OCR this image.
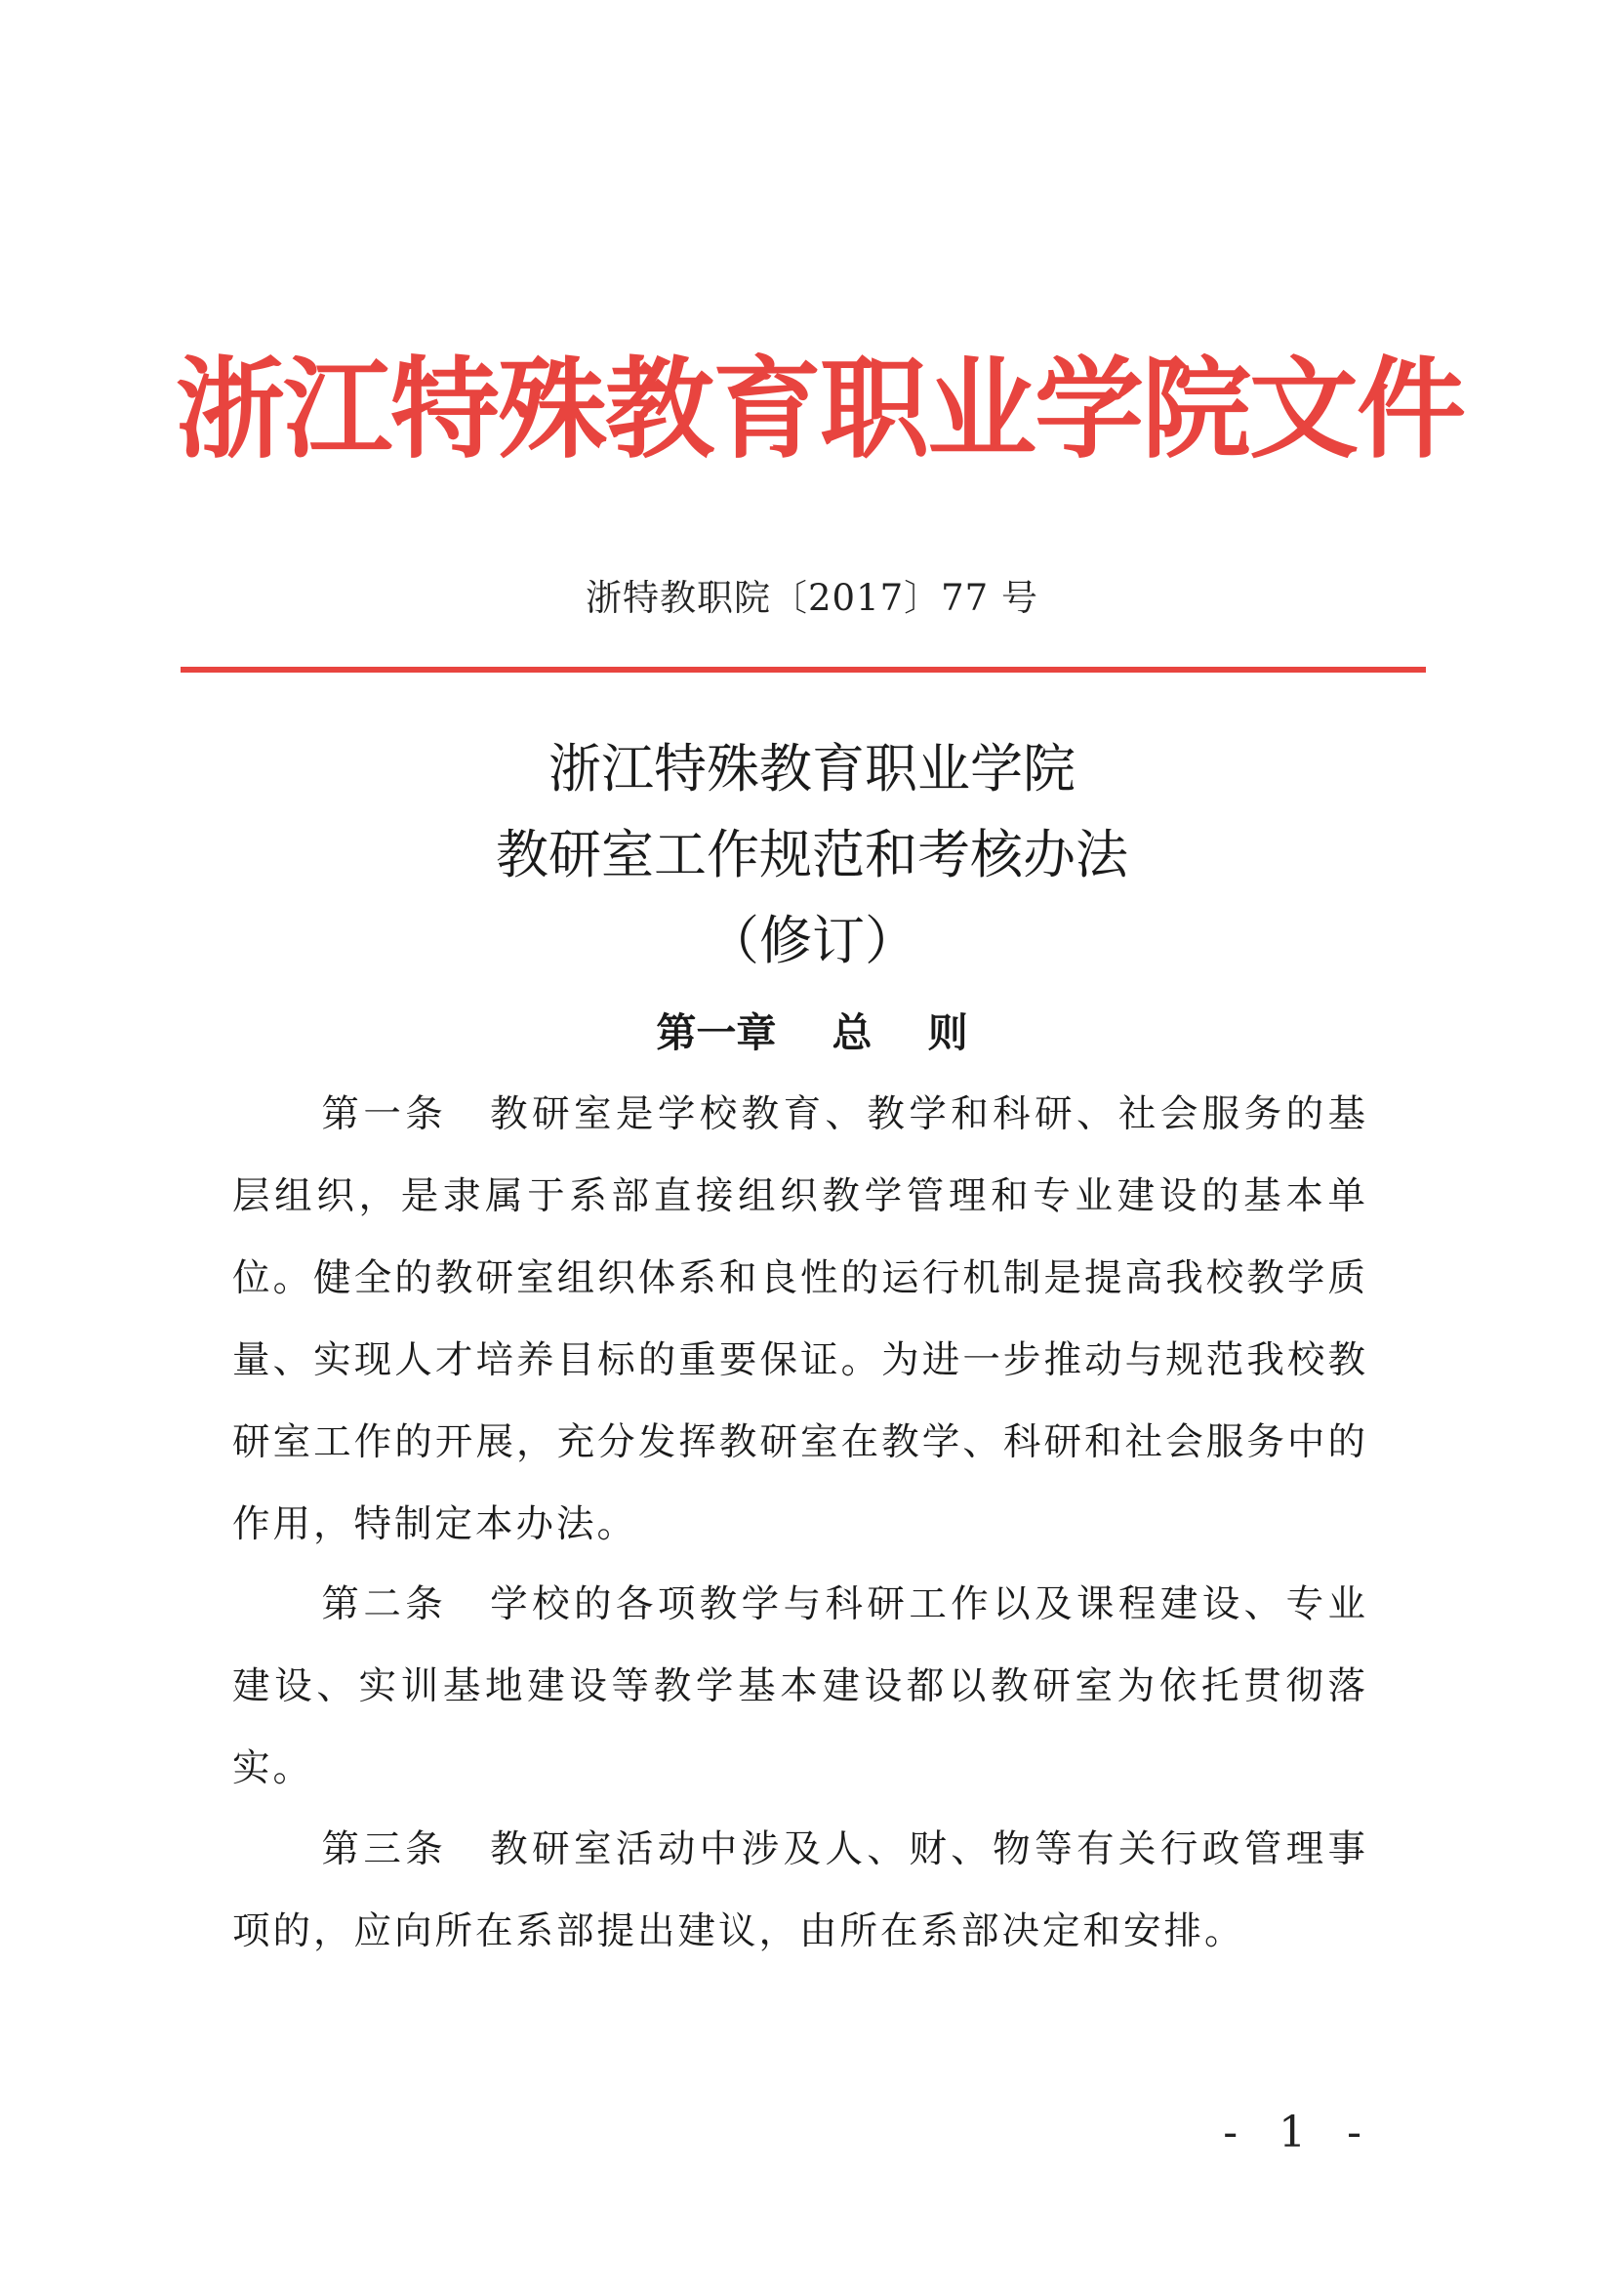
浙江特殊教育职业学院文件
浙特教职院〔2017〕77 号
浙江特殊教育职业学院
教研室工作规范和考核办法
（修订）
第一章    总    则

第一条 教研室是学校教育、教学和科研、社会服务的基层组织，是隶属于系部直接组织教学管理和专业建设的基本单位。健全的教研室组织体系和良性的运行机制是提高我校教学质量、实现人才培养目标的重要保证。为进一步推动与规范我校教研室工作的开展，充分发挥教研室在教学、科研和社会服务中的作用，特制定本办法。

第二条 学校的各项教学与科研工作以及课程建设、专业建设、实训基地建设等教学基本建设都以教研室为依托贯彻落实。

第三条 教研室活动中涉及人、财、物等有关行政管理事项的，应向所在系部提出建议，由所在系部决定和安排。

- 1 -
